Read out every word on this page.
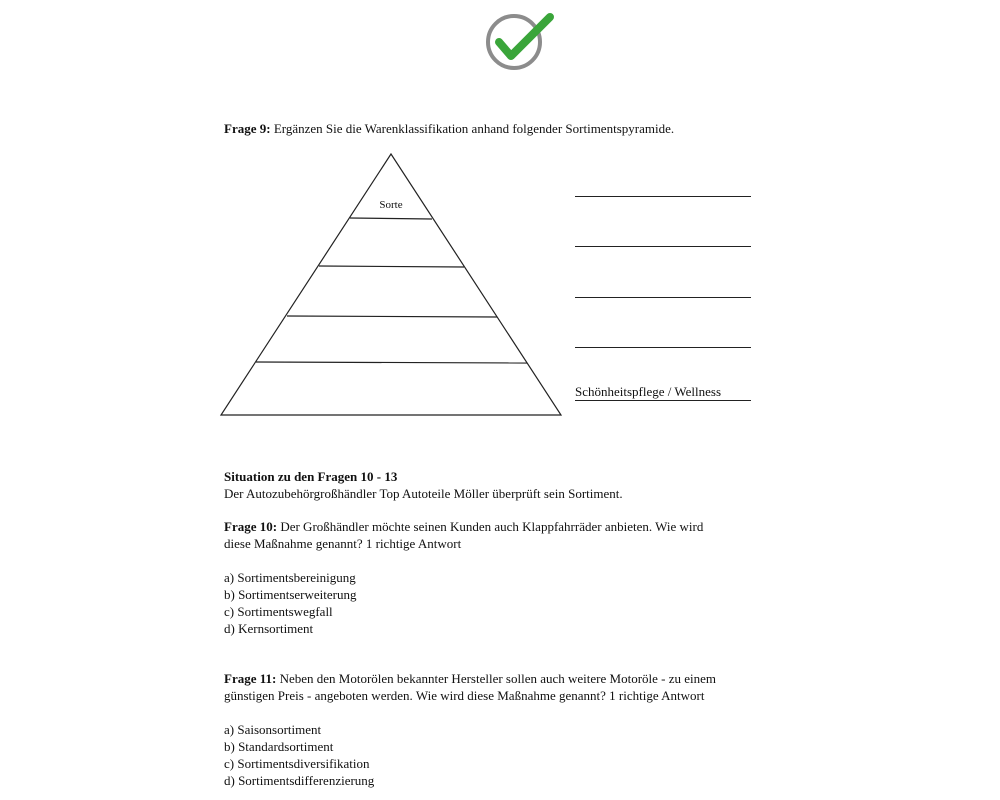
Frage 9: Ergänzen Sie die Warenklassifikation anhand folgender Sortimentspyramide.
Sorte
Schönheitspflege / Wellness
Situation zu den Fragen 10 - 13
Der Autozubehörgroßhändler Top Autoteile Möller überprüft sein Sortiment.
Frage 10: Der Großhändler möchte seinen Kunden auch Klappfahrräder anbieten. Wie wird
diese Maßnahme genannt? 1 richtige Antwort
a) Sortimentsbereinigung
b) Sortimentserweiterung
c) Sortimentswegfall
d) Kernsortiment
Frage 11: Neben den Motorölen bekannter Hersteller sollen auch weitere Motoröle - zu einem
günstigen Preis - angeboten werden. Wie wird diese Maßnahme genannt? 1 richtige Antwort
a) Saisonsortiment
b) Standardsortiment
c) Sortimentsdiversifikation
d) Sortimentsdifferenzierung
